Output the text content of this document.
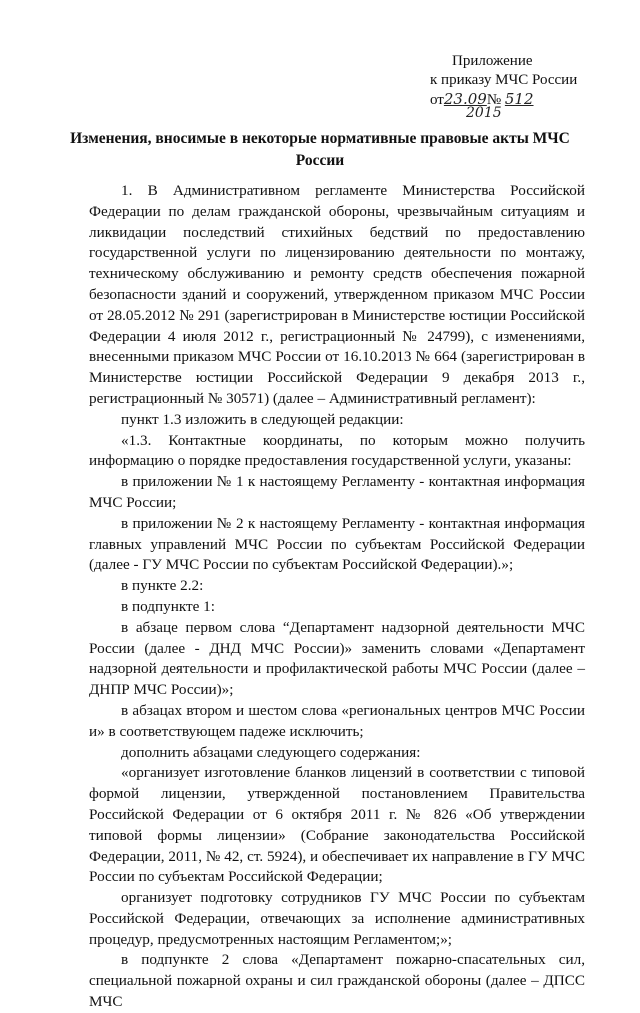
Приложение
к приказу МЧС России
от23.09№ 512
2015
Изменения, вносимые в некоторые нормативные правовые акты МЧС России

1. В Административном регламенте Министерства Российской Федерации по делам гражданской обороны, чрезвычайным ситуациям и ликвидации последствий стихийных бедствий по предоставлению государственной услуги по лицензированию деятельности по монтажу, техническому обслуживанию и ремонту средств обеспечения пожарной безопасности зданий и сооружений, утвержденном приказом МЧС России от 28.05.2012 № 291 (зарегистрирован в Министерстве юстиции Российской Федерации 4 июля 2012 г., регистрационный № 24799), с изменениями, внесенными приказом МЧС России от 16.10.2013 № 664 (зарегистрирован в Министерстве юстиции Российской Федерации 9 декабря 2013 г., регистрационный № 30571) (далее – Административный регламент):

пункт 1.3 изложить в следующей редакции:

«1.3. Контактные координаты, по которым можно получить информацию о порядке предоставления государственной услуги, указаны:

в приложении № 1 к настоящему Регламенту - контактная информация МЧС России;

в приложении № 2 к настоящему Регламенту - контактная информация главных управлений МЧС России по субъектам Российской Федерации (далее - ГУ МЧС России по субъектам Российской Федерации).»;

в пункте 2.2:

в подпункте 1:

в абзаце первом слова “Департамент надзорной деятельности МЧС России (далее - ДНД МЧС России)» заменить словами «Департамент надзорной деятельности и профилактической работы МЧС России (далее – ДНПР МЧС России)»;

в абзацах втором и шестом слова «региональных центров МЧС России и» в соответствующем падеже исключить;

дополнить абзацами следующего содержания:

«организует изготовление бланков лицензий в соответствии с типовой формой лицензии, утвержденной постановлением Правительства Российской Федерации от 6 октября 2011 г. № 826 «Об утверждении типовой формы лицензии» (Собрание законодательства Российской Федерации, 2011, № 42, ст. 5924), и обеспечивает их направление в ГУ МЧС России по субъектам Российской Федерации;

организует подготовку сотрудников ГУ МЧС России по субъектам Российской Федерации, отвечающих за исполнение административных процедур, предусмотренных настоящим Регламентом;»;

в подпункте 2 слова «Департамент пожарно-спасательных сил, специальной пожарной охраны и сил гражданской обороны (далее – ДПСС МЧС
